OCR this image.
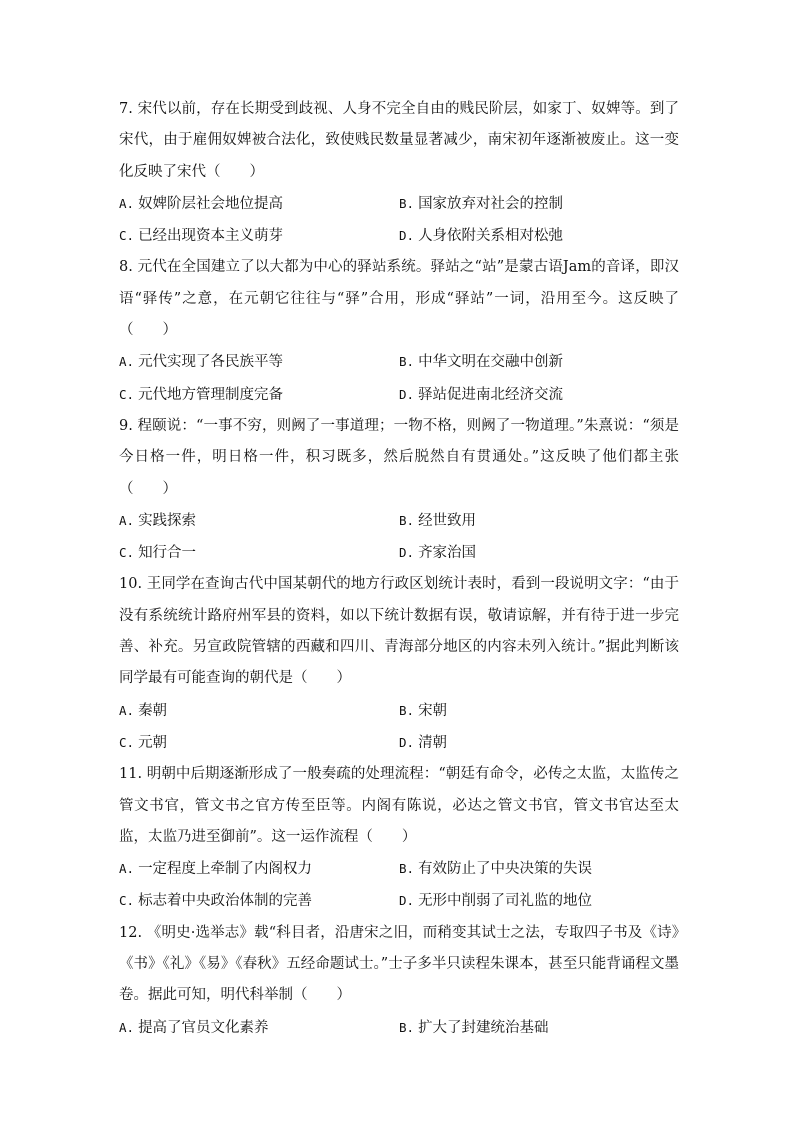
7. 宋代以前，存在长期受到歧视、人身不完全自由的贱民阶层，如家丁、奴婢等。到了宋代，由于雇佣奴婢被合法化，致使贱民数量显著减少，南宋初年逐渐被废止。这一变化反映了宋代（　　）

A. 奴婢阶层社会地位提高	B. 国家放弃对社会的控制
C. 已经出现资本主义萌芽	D. 人身依附关系相对松弛

8. 元代在全国建立了以大都为中心的驿站系统。驿站之“站”是蒙古语Jam的音译，即汉语“驿传”之意，在元朝它往往与“驿”合用，形成“驿站”一词，沿用至今。这反映了（　　）

A. 元代实现了各民族平等	B. 中华文明在交融中创新
C. 元代地方管理制度完备	D. 驿站促进南北经济交流

9. 程颐说：“一事不穷，则阙了一事道理；一物不格，则阙了一物道理。”朱熹说：“须是今日格一件，明日格一件，积习既多，然后脱然自有贯通处。”这反映了他们都主张（　　）

A. 实践探索	B. 经世致用
C. 知行合一	D. 齐家治国

10. 王同学在查询古代中国某朝代的地方行政区划统计表时，看到一段说明文字：“由于没有系统统计路府州军县的资料，如以下统计数据有误，敬请谅解，并有待于进一步完善、补充。另宣政院管辖的西藏和四川、青海部分地区的内容未列入统计。”据此判断该同学最有可能查询的朝代是（　　）

A. 秦朝	B. 宋朝
C. 元朝	D. 清朝

11. 明朝中后期逐渐形成了一般奏疏的处理流程：“朝廷有命令，必传之太监，太监传之管文书官，管文书之官方传至臣等。内阁有陈说，必达之管文书官，管文书官达至太监，太监乃进至御前”。这一运作流程（　　）

A. 一定程度上牵制了内阁权力	B. 有效防止了中央决策的失误
C. 标志着中央政治体制的完善	D. 无形中削弱了司礼监的地位

12. 《明史·选举志》载“科目者，沿唐宋之旧，而稍变其试士之法，专取四子书及《诗》《书》《礼》《易》《春秋》五经命题试士。”士子多半只读程朱课本，甚至只能背诵程文墨卷。据此可知，明代科举制（　　）

A. 提高了官员文化素养	B. 扩大了封建统治基础
